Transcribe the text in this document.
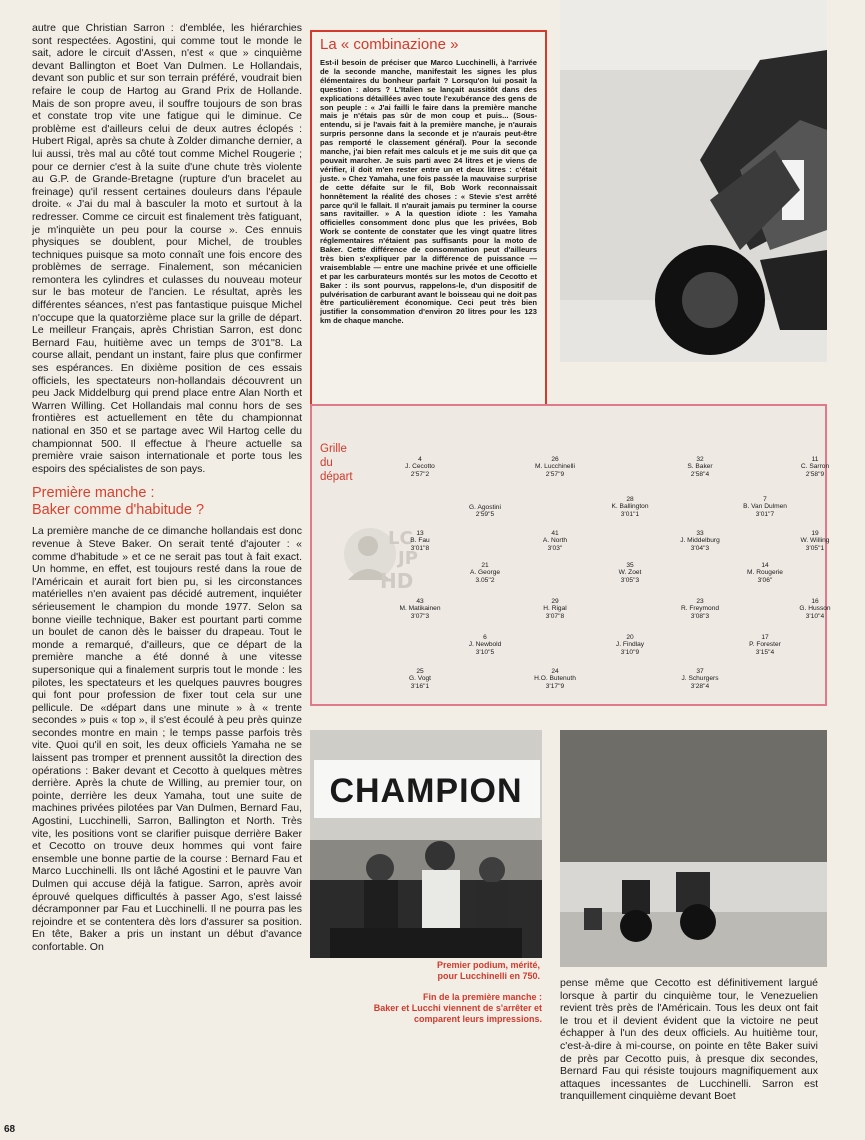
autre que Christian Sarron : d'emblée, les hiérarchies sont respectées. Agostini, qui comme tout le monde le sait, adore le circuit d'Assen, n'est « que » cinquième devant Ballington et Boet Van Dulmen. Le Hollandais, devant son public et sur son terrain préféré, voudrait bien refaire le coup de Hartog au Grand Prix de Hollande. Mais de son propre aveu, il souffre toujours de son bras et constate trop vite une fatigue qui le diminue. Ce problème est d'ailleurs celui de deux autres éclopés : Hubert Rigal, après sa chute à Zolder dimanche dernier, a lui aussi, très mal au côté tout comme Michel Rougerie ; pour ce dernier c'est à la suite d'une chute très violente au G.P. de Grande-Bretagne (rupture d'un bracelet au freinage) qu'il ressent certaines douleurs dans l'épaule droite. « J'ai du mal à basculer la moto et surtout à la redresser. Comme ce circuit est finalement très fatiguant, je m'inquiète un peu pour la course ». Ces ennuis physiques se doublent, pour Michel, de troubles techniques puisque sa moto connaît une fois encore des problèmes de serrage. Finalement, son mécanicien remontera les cylindres et culasses du nouveau moteur sur le bas moteur de l'ancien. Le résultat, après les différentes séances, n'est pas fantastique puisque Michel n'occupe que la quatorzième place sur la grille de départ. Le meilleur Français, après Christian Sarron, est donc Bernard Fau, huitième avec un temps de 3'01''8. La course allait, pendant un instant, faire plus que confirmer ses espérances. En dixième position de ces essais officiels, les spectateurs non-hollandais découvrent un peu Jack Middelburg qui prend place entre Alan North et Warren Willing. Cet Hollandais mal connu hors de ses frontières est actuellement en tête du championnat national en 350 et se partage avec Wil Hartog celle du championnat 500. Il effectue à l'heure actuelle sa première vraie saison internationale et porte tous les espoirs des spécialistes de son pays.

Première manche :
Baker comme d'habitude ?

La première manche de ce dimanche hollandais est donc revenue à Steve Baker. On serait tenté d'ajouter : « comme d'habitude » et ce ne serait pas tout à fait exact. Un homme, en effet, est toujours resté dans la roue de l'Américain et aurait fort bien pu, si les circonstances matérielles n'en avaient pas décidé autrement, inquiéter sérieusement le champion du monde 1977. Selon sa bonne vieille technique, Baker est pourtant parti comme un boulet de canon dès le baisser du drapeau. Tout le monde a remarqué, d'ailleurs, que ce départ de la première manche a été donné à une vitesse supersonique qui a finalement surpris tout le monde : les pilotes, les spectateurs et les quelques pauvres bougres qui font pour profession de fixer tout cela sur une pellicule. De «départ dans une minute » à « trente secondes » puis « top », il s'est écoulé à peu près quinze secondes montre en main ; le temps passe parfois très vite. Quoi qu'il en soit, les deux officiels Yamaha ne se laissent pas tromper et prennent aussitôt la direction des opérations : Baker devant et Cecotto à quelques mètres derrière. Après la chute de Willing, au premier tour, on pointe, derrière les deux Yamaha, tout une suite de machines privées pilotées par Van Dulmen, Bernard Fau, Agostini, Lucchinelli, Sarron, Ballington et North. Très vite, les positions vont se clarifier puisque derrière Baker et Cecotto on trouve deux hommes qui vont faire ensemble une bonne partie de la course : Bernard Fau et Marco Lucchinelli. Ils ont lâché Agostini et le pauvre Van Dulmen qui accuse déjà la fatigue. Sarron, après avoir éprouvé quelques difficultés à passer Ago, s'est laissé décramponner par Fau et Lucchinelli. Il ne pourra pas les rejoindre et se contentera dès lors d'assurer sa position. En tête, Baker a pris un instant un début d'avance confortable. On

68
La « combinazione »

Est-il besoin de préciser que Marco Lucchinelli, à l'arrivée de la seconde manche, manifestait les signes les plus élémentaires du bonheur parfait ? Lorsqu'on lui posait la question : alors ? L'Italien se lançait aussitôt dans des explications détaillées avec toute l'exubérance des gens de son peuple : « J'ai failli le faire dans la première manche mais je n'étais pas sûr de mon coup et puis... (Sous-entendu, si je l'avais fait à la première manche, je n'aurais surpris personne dans la seconde et je n'aurais peut-être pas remporté le classement général). Pour la seconde manche, j'ai bien refait mes calculs et je me suis dit que ça pouvait marcher. Je suis parti avec 24 litres et je viens de vérifier, il doit m'en rester entre un et deux litres : c'était juste. » Chez Yamaha, une fois passée la mauvaise surprise de cette défaite sur le fil, Bob Work reconnaissait honnêtement la réalité des choses : « Stevie s'est arrêté parce qu'il le fallait. Il n'aurait jamais pu terminer la course sans ravitailler. » A la question idiote : les Yamaha officielles consomment donc plus que les privées, Bob Work se contente de constater que les vingt quatre litres réglementaires n'étaient pas suffisants pour la moto de Baker. Cette différence de consommation peut d'ailleurs très bien s'expliquer par la différence de puissance — vraisemblable — entre une machine privée et une officielle et par les carburateurs montés sur les motos de Cecotto et Baker : ils sont pourvus, rappelons-le, d'un dispositif de pulvérisation de carburant avant le boisseau qui ne doit pas être particulièrement économique. Ceci peut très bien justifier la consommation d'environ 20 litres pour les 123 km de chaque manche.

Grille
du
départ
LC
JP
HD
4
J. Cecotto
2'57''2
26
M. Lucchinelli
2'57''9
32
S. Baker
2'58''4
11
C. Sarron
2'58''9
G. Agostini
2'59''5
28
K. Ballington
3'01''1
7
B. Van Dulmen
3'01''7
13
B. Fau
3'01''8
41
A. North
3'03''
33
J. Middelburg
3'04''3
19
W. Willing
3'05''1
21
A. George
3.05''2
35
W. Zoet
3'05''3
14
M. Rougerie
3'06''
43
M. Matikainen
3'07''3
29
H. Rigal
3'07''8
23
R. Freymond
3'08''3
16
G. Husson
3'10''4
6
J. Newbold
3'10''5
20
J. Findlay
3'10''9
17
P. Forester
3'15''4
25
G. Vogt
3'16''1
24
H.O. Butenuth
3'17''9
37
J. Schurgers
3'28''4
CHAMPION
Premier podium, mérité,
pour Lucchinelli en 750.
Fin de la première manche :
Baker et Lucchi viennent de s'arrêter et
comparent leurs impressions.

pense même que Cecotto est définitivement largué lorsque à partir du cinquième tour, le Venezuelien revient très près de l'Américain. Tous les deux ont fait le trou et il devient évident que la victoire ne peut échapper à l'un des deux officiels. Au huitième tour, c'est-à-dire à mi-course, on pointe en tête Baker suivi de près par Cecotto puis, à presque dix secondes, Bernard Fau qui résiste toujours magnifiquement aux attaques incessantes de Lucchinelli. Sarron est tranquillement cinquième devant Boet
